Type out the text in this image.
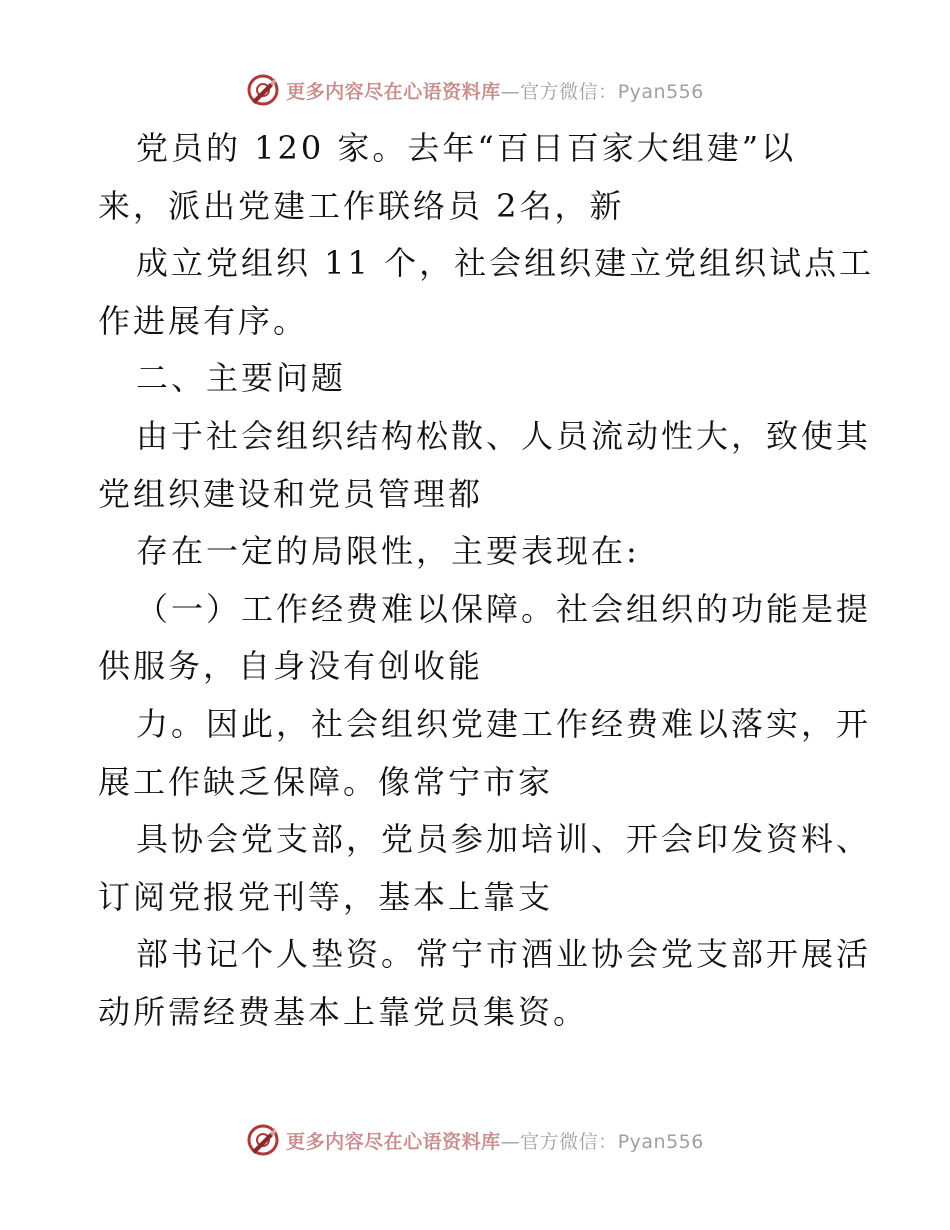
更多内容尽在心语资料库—官方微信：Pyan556
党员的 120 家。去年“百日百家大组建”以
来，派出党建工作联络员 2名，新
成立党组织 11 个，社会组织建立党组织试点工
作进展有序。
二、主要问题
由于社会组织结构松散、人员流动性大，致使其
党组织建设和党员管理都
存在一定的局限性，主要表现在:
（一）工作经费难以保障。社会组织的功能是提
供服务，自身没有创收能
力。因此，社会组织党建工作经费难以落实，开
展工作缺乏保障。像常宁市家
具协会党支部，党员参加培训、开会印发资料、
订阅党报党刊等，基本上靠支
部书记个人垫资。常宁市酒业协会党支部开展活
动所需经费基本上靠党员集资。
更多内容尽在心语资料库—官方微信：Pyan556
